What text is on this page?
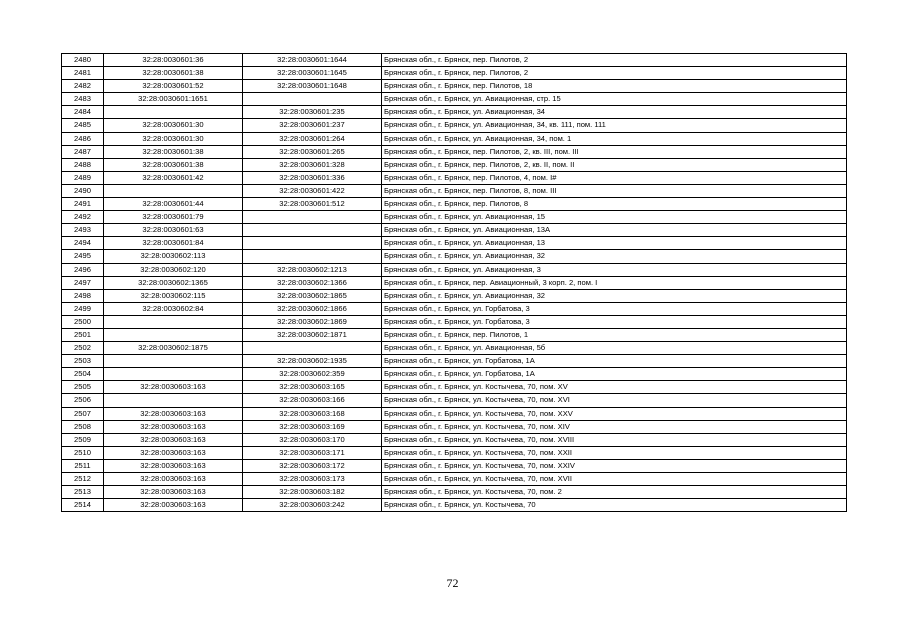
2480	32:28:0030601:36	32:28:0030601:1644	Брянская обл., г. Брянск, пер. Пилотов, 2
2481	32:28:0030601:38	32:28:0030601:1645	Брянская обл., г. Брянск, пер. Пилотов, 2
2482	32:28:0030601:52	32:28:0030601:1648	Брянская обл., г. Брянск, пер. Пилотов, 18
2483	32:28:0030601:1651		Брянская обл., г. Брянск, ул. Авиационная, стр. 15
2484		32:28:0030601:235	Брянская обл., г. Брянск, ул. Авиационная, 34
2485	32:28:0030601:30	32:28:0030601:237	Брянская обл., г. Брянск, ул. Авиационная, 34, кв. 111, пом. 111
2486	32:28:0030601:30	32:28:0030601:264	Брянская обл., г. Брянск, ул. Авиационная, 34, пом. 1
2487	32:28:0030601:38	32:28:0030601:265	Брянская обл., г. Брянск, пер. Пилотов, 2, кв. III, пом. III
2488	32:28:0030601:38	32:28:0030601:328	Брянская обл., г. Брянск, пер. Пилотов, 2, кв. II, пом. II
2489	32:28:0030601:42	32:28:0030601:336	Брянская обл., г. Брянск, пер. Пилотов, 4, пом. I#
2490		32:28:0030601:422	Брянская обл., г. Брянск, пер. Пилотов, 8, пом. III
2491	32:28:0030601:44	32:28:0030601:512	Брянская обл., г. Брянск, пер. Пилотов, 8
2492	32:28:0030601:79		Брянская обл., г. Брянск, ул. Авиационная, 15
2493	32:28:0030601:63		Брянская обл., г. Брянск, ул. Авиационная, 13А
2494	32:28:0030601:84		Брянская обл., г. Брянск, ул. Авиационная, 13
2495	32:28:0030602:113		Брянская обл., г. Брянск, ул. Авиационная, 32
2496	32:28:0030602:120	32:28:0030602:1213	Брянская обл., г. Брянск, ул. Авиационная, 3
2497	32:28:0030602:1365	32:28:0030602:1366	Брянская обл., г. Брянск, пер. Авиационный, 3 корп. 2, пом. I
2498	32:28:0030602:115	32:28:0030602:1865	Брянская обл., г. Брянск, ул. Авиационная, 32
2499	32:28:0030602:84	32:28:0030602:1866	Брянская обл., г. Брянск, ул. Горбатова, 3
2500		32:28:0030602:1869	Брянская обл., г. Брянск, ул. Горбатова, 3
2501		32:28:0030602:1871	Брянская обл., г. Брянск, пер. Пилотов, 1
2502	32:28:0030602:1875		Брянская обл., г. Брянск, ул. Авиационная, 5б
2503		32:28:0030602:1935	Брянская обл., г. Брянск, ул. Горбатова, 1А
2504		32:28:0030602:359	Брянская обл., г. Брянск, ул. Горбатова, 1А
2505	32:28:0030603:163	32:28:0030603:165	Брянская обл., г. Брянск, ул. Костычева, 70, пом. XV
2506		32:28:0030603:166	Брянская обл., г. Брянск, ул. Костычева, 70, пом. XVI
2507	32:28:0030603:163	32:28:0030603:168	Брянская обл., г. Брянск, ул. Костычева, 70, пом. XXV
2508	32:28:0030603:163	32:28:0030603:169	Брянская обл., г. Брянск, ул. Костычева, 70, пом. XIV
2509	32:28:0030603:163	32:28:0030603:170	Брянская обл., г. Брянск, ул. Костычева, 70, пом. XVIII
2510	32:28:0030603:163	32:28:0030603:171	Брянская обл., г. Брянск, ул. Костычева, 70, пом. XXII
2511	32:28:0030603:163	32:28:0030603:172	Брянская обл., г. Брянск, ул. Костычева, 70, пом. XXIV
2512	32:28:0030603:163	32:28:0030603:173	Брянская обл., г. Брянск, ул. Костычева, 70, пом. XVII
2513	32:28:0030603:163	32:28:0030603:182	Брянская обл., г. Брянск, ул. Костычева, 70, пом. 2
2514	32:28:0030603:163	32:28:0030603:242	Брянская обл., г. Брянск, ул. Костычева, 70
72
